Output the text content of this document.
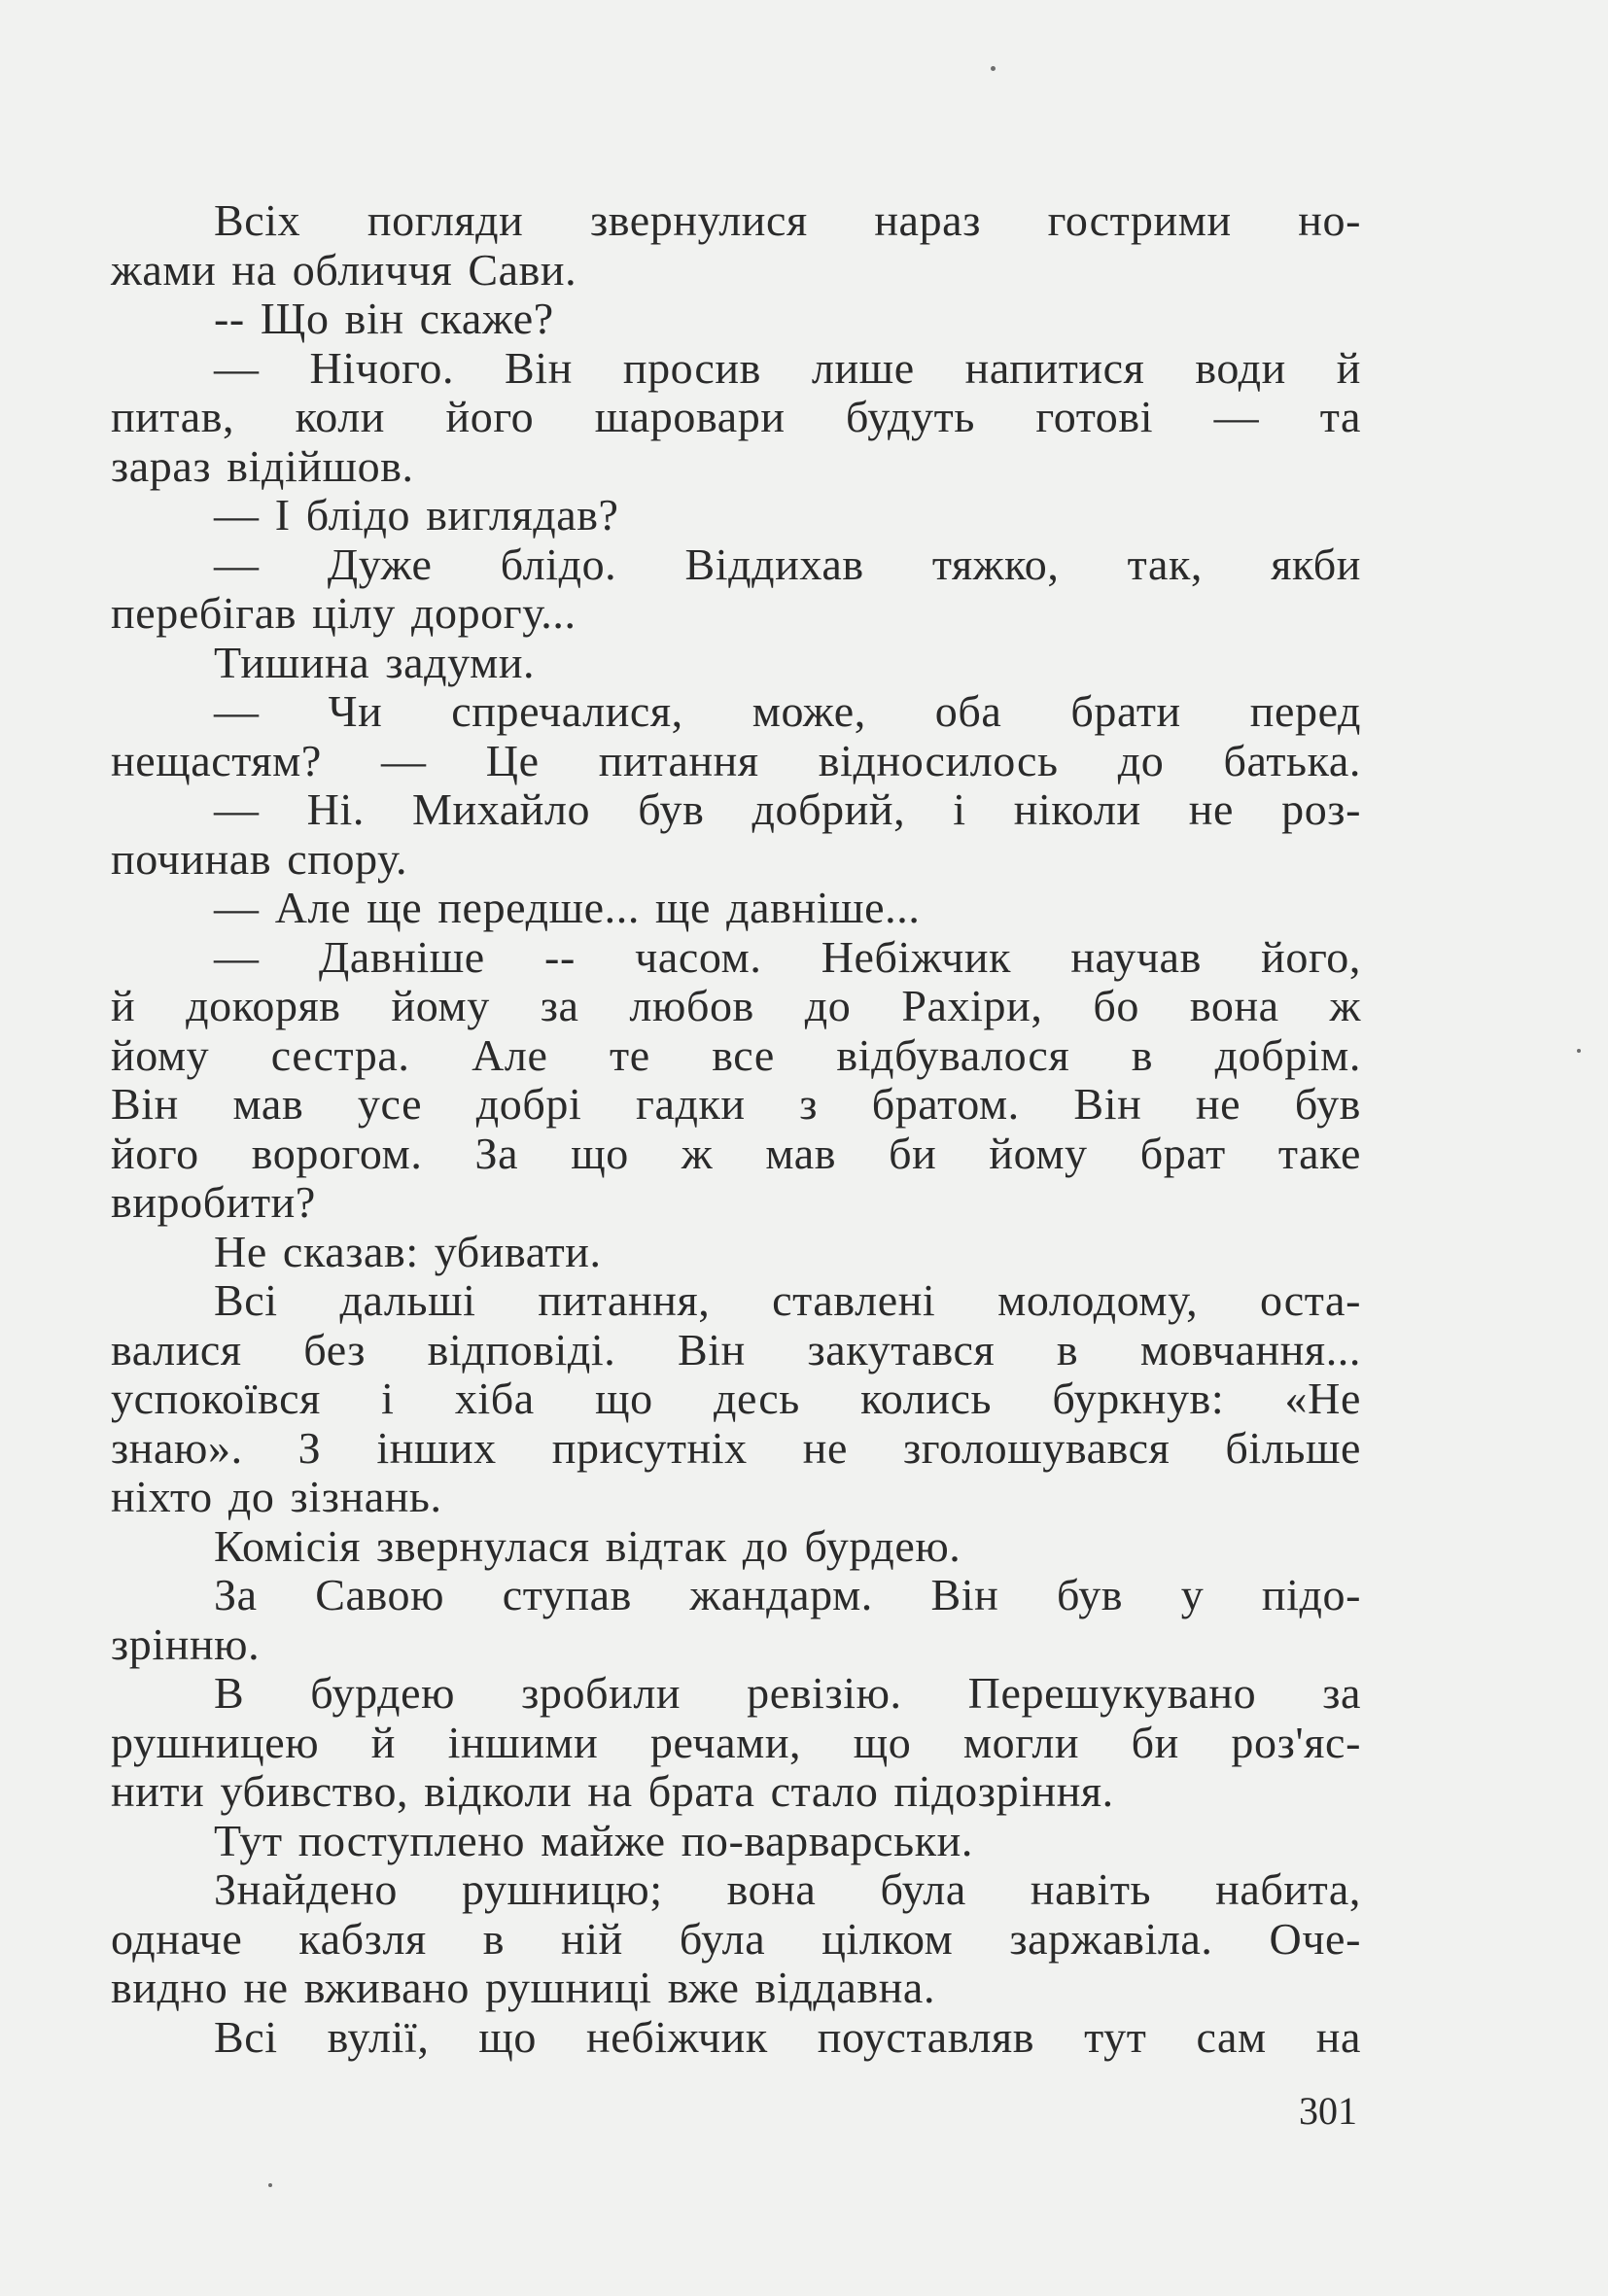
Всіх погляди звернулися нараз гострими но-
жами на обличчя Сави.
-- Що він скаже?
— Нічого. Він просив лише напитися води й
питав, коли його шаровари будуть готові — та
зараз відійшов.
— І блідо виглядав?
— Дуже блідо. Віддихав тяжко, так, якби
перебігав цілу дорогу...
Тишина задуми.
— Чи спречалися, може, оба брати перед
нещастям? — Це питання відносилось до батька.
— Ні. Михайло був добрий, і ніколи не роз-
починав спору.
— Але ще передше... ще давніше...
— Давніше -- часом. Небіжчик научав його,
й докоряв йому за любов до Рахіри, бо вона ж
йому сестра. Але те все відбувалося в добрім.
Він мав усе добрі гадки з братом. Він не був
його ворогом. За що ж мав би йому брат таке
виробити?
Не сказав: убивати.
Всі дальші питання, ставлені молодому, оста-
валися без відповіді. Він закутався в мовчання...
успокоївся і хіба що десь колись буркнув: «Не
знаю». З інших присутніх не зголошувався більше
ніхто до зізнань.
Комісія звернулася відтак до бурдею.
За Савою ступав жандарм. Він був у підо-
зрінню.
В бурдею зробили ревізію. Перешукувано за
рушницею й іншими речами, що могли би роз'яс-
нити убивство, відколи на брата стало підозріння.
Тут поступлено майже по-варварськи.
Знайдено рушницю; вона була навіть набита,
одначе кабзля в ній була цілком заржавіла. Оче-
видно не вживано рушниці вже віддавна.
Всі вулії, що небіжчик поуставляв тут сам на
301
